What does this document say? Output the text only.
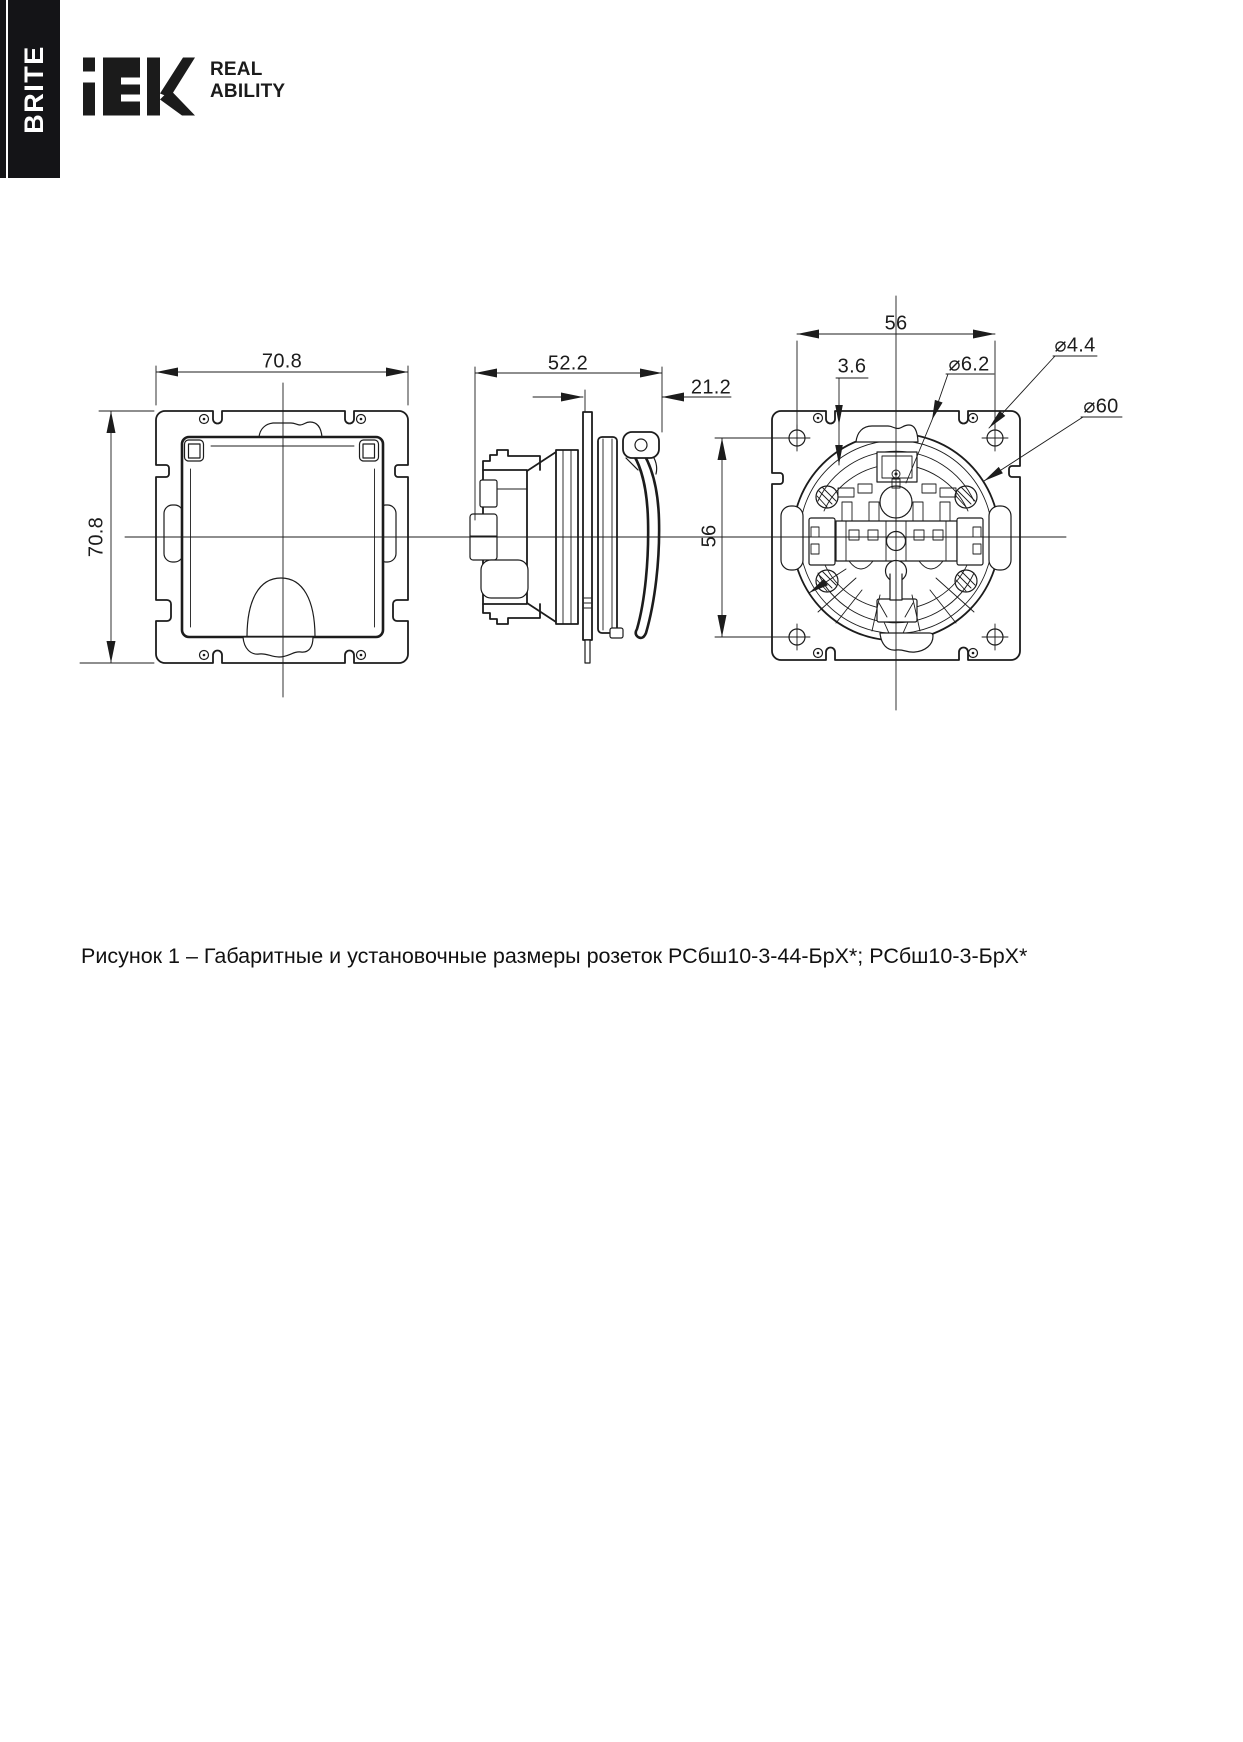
BRITE	REAL
ABILITY
70.8
70.8
52.2
21.2
56
56
3.6	⌀6.2
⌀4.4
⌀60
Рисунок 1 – Габаритные и установочные размеры розеток РСбш10-3-44-БрХ*; РСбш10-3-БрХ*
